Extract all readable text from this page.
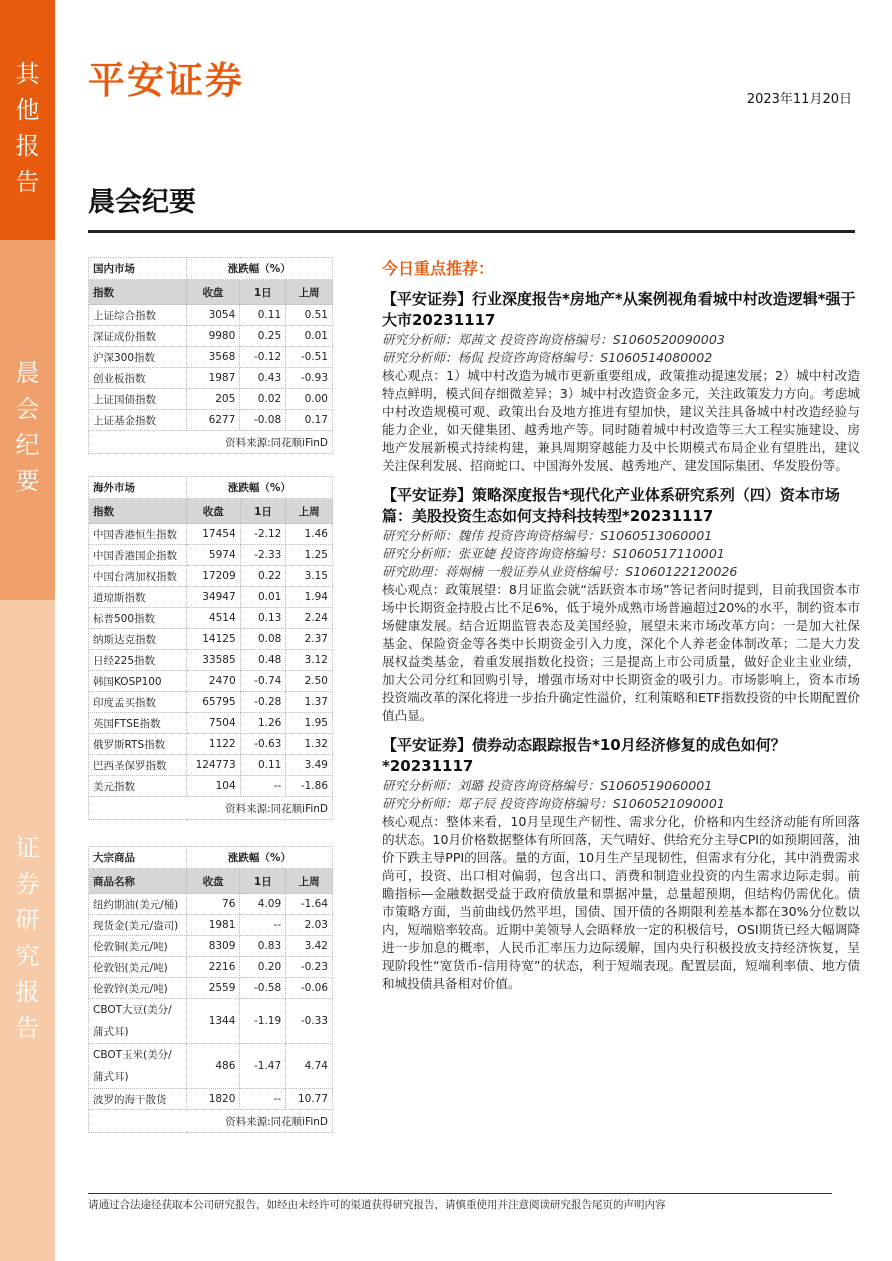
其他报告
晨会纪要
证券研究报告
平安证券	2023年11月20日
晨会纪要
国内市场	涨跌幅（%）		
指数	收盘	1日	上周
上证综合指数	3054	0.11	0.51
深证成份指数	9980	0.25	0.01
沪深300指数	3568	-0.12	-0.51
创业板指数	1987	0.43	-0.93
上证国债指数	205	0.02	0.00
上证基金指数	6277	-0.08	0.17
资料来源:同花顺iFinD			
海外市场	涨跌幅（%）		
指数	收盘	1日	上周
中国香港恒生指数	17454	-2.12	1.46
中国香港国企指数	5974	-2.33	1.25
中国台湾加权指数	17209	0.22	3.15
道琼斯指数	34947	0.01	1.94
标普500指数	4514	0.13	2.24
纳斯达克指数	14125	0.08	2.37
日经225指数	33585	0.48	3.12
韩国KOSP100	2470	-0.74	2.50
印度孟买指数	65795	-0.28	1.37
英国FTSE指数	7504	1.26	1.95
俄罗斯RTS指数	1122	-0.63	1.32
巴西圣保罗指数	124773	0.11	3.49
美元指数	104	--	-1.86
资料来源:同花顺iFinD			
大宗商品	涨跌幅（%）		
商品名称	收盘	1日	上周
纽约期油(美元/桶)	76	4.09	-1.64
现货金(美元/盎司)	1981	--	2.03
伦敦铜(美元/吨)	8309	0.83	3.42
伦敦铝(美元/吨)	2216	0.20	-0.23
伦敦锌(美元/吨)	2559	-0.58	-0.06
CBOT大豆(美分/蒲式耳)	1344	-1.19	-0.33
CBOT玉米(美分/蒲式耳)	486	-1.47	4.74
波罗的海干散货	1820	--	10.77
资料来源:同花顺iFinD			
今日重点推荐：
【平安证券】行业深度报告*房地产*从案例视角看城中村改造逻辑*强于大市20231117
研究分析师：郑茜文 投资咨询资格编号：S1060520090003
研究分析师：杨侃 投资咨询资格编号：S1060514080002

核心观点：1）城中村改造为城市更新重要组成，政策推动提速发展；2）城中村改造特点鲜明，模式间存细微差异；3）城中村改造资金多元，关注政策发力方向。考虑城中村改造规模可观、政策出台及地方推进有望加快，建议关注具备城中村改造经验与能力企业，如天健集团、越秀地产等。同时随着城中村改造等三大工程实施建设、房地产发展新模式持续构建，兼具周期穿越能力及中长期模式布局企业有望胜出，建议关注保利发展、招商蛇口、中国海外发展、越秀地产、建发国际集团、华发股份等。

【平安证券】策略深度报告*现代化产业体系研究系列（四）资本市场篇：美股投资生态如何支持科技转型*20231117
研究分析师：魏伟 投资咨询资格编号：S1060513060001
研究分析师：张亚婕 投资咨询资格编号：S1060517110001
研究助理：蒋炯楠 一般证券从业资格编号：S1060122120026

核心观点：政策展望：8月证监会就“活跃资本市场”答记者问时提到，目前我国资本市场中长期资金持股占比不足6%，低于境外成熟市场普遍超过20%的水平，制约资本市场健康发展。结合近期监管表态及美国经验，展望未来市场改革方向：一是加大社保基金、保险资金等各类中长期资金引入力度，深化个人养老金体制改革；二是大力发展权益类基金，着重发展指数化投资；三是提高上市公司质量，做好企业主业业绩，加大公司分红和回购引导，增强市场对中长期资金的吸引力。市场影响上，资本市场投资端改革的深化将进一步抬升确定性溢价，红利策略和ETF指数投资的中长期配置价值凸显。

【平安证券】债券动态跟踪报告*10月经济修复的成色如何？*20231117
研究分析师：刘璐 投资咨询资格编号：S1060519060001
研究分析师：郑子辰 投资咨询资格编号：S1060521090001

核心观点：整体来看，10月呈现生产韧性、需求分化，价格和内生经济动能有所回落的状态。10月价格数据整体有所回落，天气晴好、供给充分主导CPI的如预期回落，油价下跌主导PPI的回落。量的方面，10月生产呈现韧性，但需求有分化，其中消费需求尚可，投资、出口相对偏弱，包含出口、消费和制造业投资的内生需求边际走弱。前瞻指标—金融数据受益于政府债放量和票据冲量，总量超预期，但结构仍需优化。债市策略方面，当前曲线仍然平坦，国债、国开债的各期限利差基本都在30%分位数以内，短端赔率较高。近期中美领导人会晤释放一定的积极信号，OSI期货已经大幅调降进一步加息的概率，人民币汇率压力边际缓解，国内央行积极投放支持经济恢复，呈现阶段性“宽货币-信用待宽”的状态，利于短端表现。配置层面，短端利率债、地方债和城投债具备相对价值。

请通过合法途径获取本公司研究报告，如经由未经许可的渠道获得研究报告，请慎重使用并注意阅读研究报告尾页的声明内容
